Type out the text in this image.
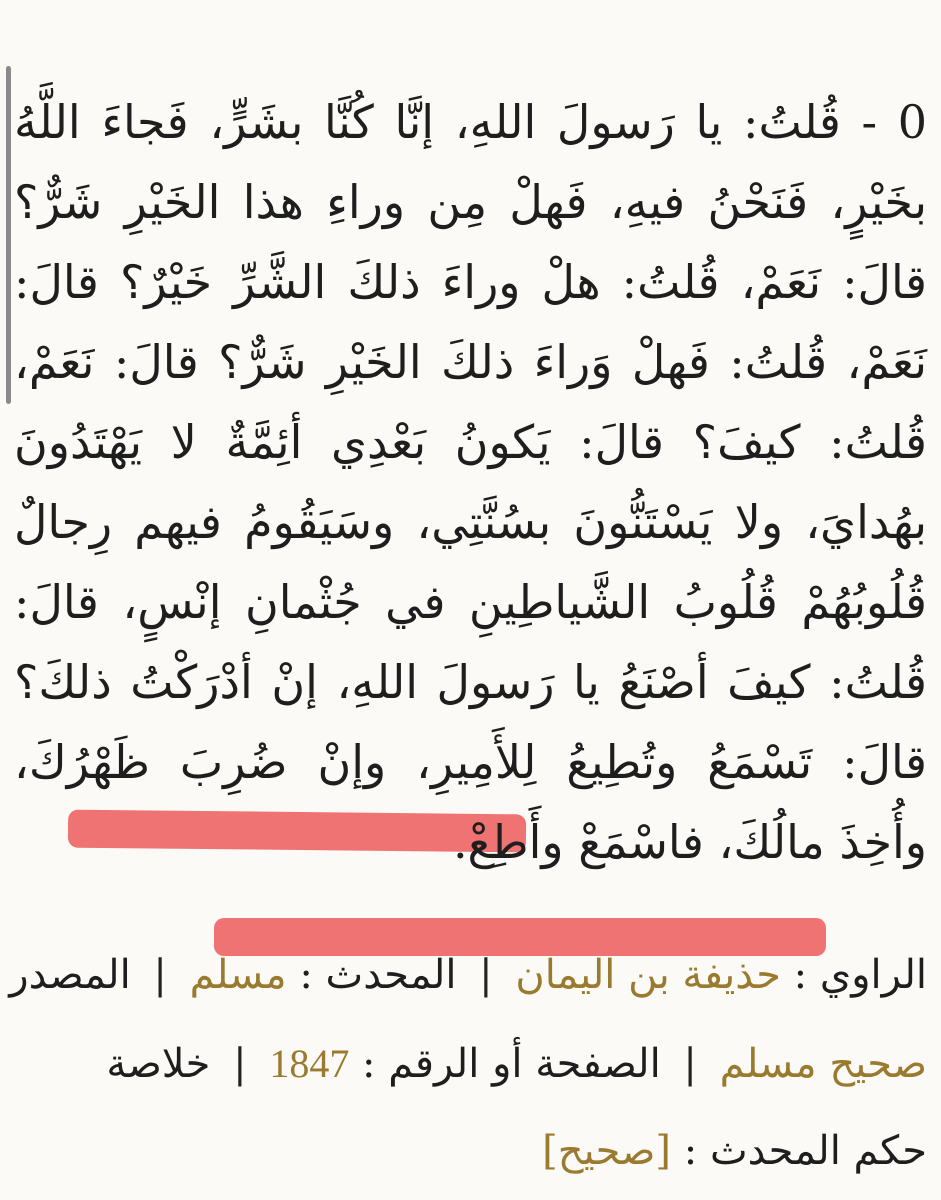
0 - قُلتُ: يا رَسولَ اللهِ، إنَّا كُنَّا بشَرٍّ، فَجاءَ اللَّهُ بخَيْرٍ، فَنَحْنُ فيهِ، فَهلْ مِن وراءِ هذا الخَيْرِ شَرٌّ؟ قالَ: نَعَمْ، قُلتُ: هلْ وراءَ ذلكَ الشَّرِّ خَيْرٌ؟ قالَ: نَعَمْ، قُلتُ: فَهلْ وَراءَ ذلكَ الخَيْرِ شَرٌّ؟ قالَ: نَعَمْ، قُلتُ: كيفَ؟ قالَ: يَكونُ بَعْدِي أئِمَّةٌ لا يَهْتَدُونَ بهُدايَ، ولا يَسْتَنُّونَ بسُنَّتِي، وسَيَقُومُ فيهم رِجالٌ قُلُوبُهُمْ قُلُوبُ الشَّياطِينِ في جُثْمانِ إنْسٍ، قالَ: قُلتُ: كيفَ أصْنَعُ يا رَسولَ اللهِ، إنْ أدْرَكْتُ ذلكَ؟ قالَ: تَسْمَعُ وتُطِيعُ لِلأَمِيرِ، وإنْ ضُرِبَ ظَهْرُكَ، وأُخِذَ مالُكَ، فاسْمَعْ وأَطِعْ.

الراوي : حذيفة بن اليمان | المحدث : مسلم | المصدر
صحيح مسلم | الصفحة أو الرقم : 1847 | خلاصة
حكم المحدث : [صحيح]
